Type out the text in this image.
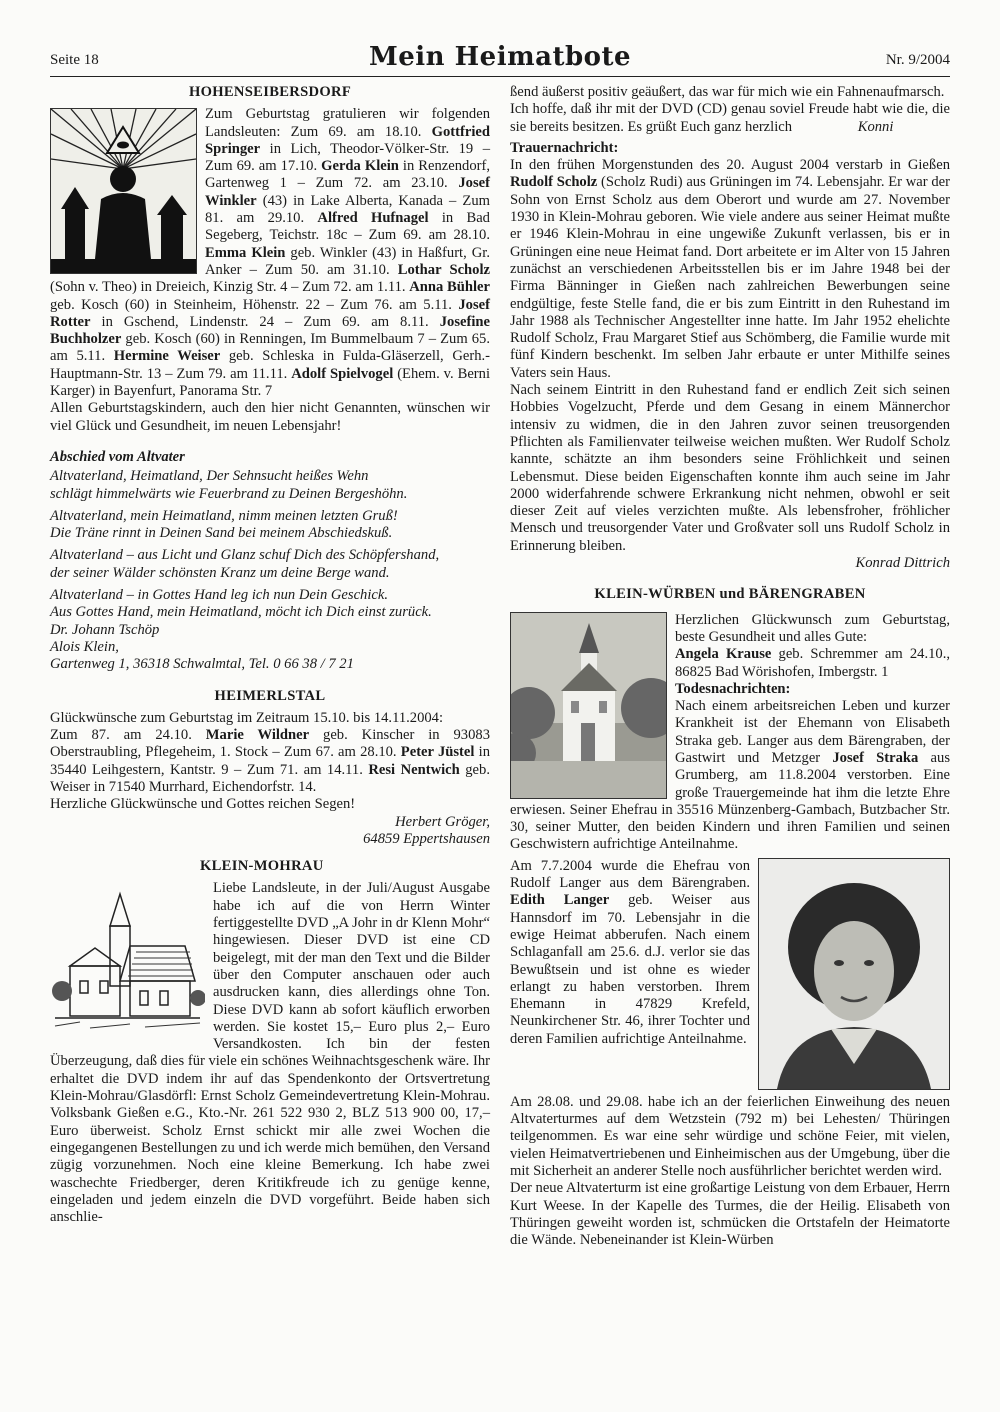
Seite 18	Mein Heimatbote	Nr. 9/2004
HOHENSEIBERSDORF

Zum Geburtstag gratulieren wir folgenden Landsleuten: Zum 69. am 18.10. Gottfried Springer in Lich, Theodor-Völker-Str. 19 – Zum 69. am 17.10. Gerda Klein in Renzendorf, Gartenweg 1 – Zum 72. am 23.10. Josef Winkler (43) in Lake Alberta, Kanada – Zum 81. am 29.10. Alfred Hufnagel in Bad Segeberg, Teichstr. 18c – Zum 69. am 28.10. Emma Klein geb. Winkler (43) in Haßfurt, Gr. Anker – Zum 50. am 31.10. Lothar Scholz (Sohn v. Theo) in Dreieich, Kinzig Str. 4 – Zum 72. am 1.11. Anna Bühler geb. Kosch (60) in Steinheim, Höhenstr. 22 – Zum 76. am 5.11. Josef Rotter in Gschend, Lindenstr. 24 – Zum 69. am 8.11. Josefine Buchholzer geb. Kosch (60) in Renningen, Im Bummelbaum 7 – Zum 65. am 5.11. Hermine Weiser geb. Schleska in Fulda-Gläserzell, Gerh.-Hauptmann-Str. 13 – Zum 79. am 11.11. Adolf Spielvogel (Ehem. v. Berni Karger) in Bayenfurt, Panorama Str. 7

Allen Geburtstagskindern, auch den hier nicht Genannten, wünschen wir viel Glück und Gesundheit, im neuen Lebensjahr!

Abschied vom Altvater

Altvaterland, Heimatland, Der Sehnsucht heißes Wehn
schlägt himmelwärts wie Feuerbrand zu Deinen Bergeshöhn.

Altvaterland, mein Heimatland, nimm meinen letzten Gruß!
Die Träne rinnt in Deinen Sand bei meinem Abschiedskuß.

Altvaterland – aus Licht und Glanz schuf Dich des Schöpfershand,
der seiner Wälder schönsten Kranz um deine Berge wand.

Altvaterland – in Gottes Hand leg ich nun Dein Geschick.
Aus Gottes Hand, mein Heimatland, möcht ich Dich einst zurück.

Dr. Johann Tschöp

Alois Klein,

Gartenweg 1, 36318 Schwalmtal, Tel. 0 66 38 / 7 21

HEIMERLSTAL

Glückwünsche zum Geburtstag im Zeitraum 15.10. bis 14.11.2004:
Zum 87. am 24.10. Marie Wildner geb. Kinscher in 93083 Oberstraubling, Pflegeheim, 1. Stock – Zum 67. am 28.10. Peter Jüstel in 35440 Leihgestern, Kantstr. 9 – Zum 71. am 14.11. Resi Nentwich geb. Weiser in 71540 Murrhard, Eichendorfstr. 14.
Herzliche Glückwünsche und Gottes reichen Segen!

Herbert Gröger,

64859 Eppertshausen

KLEIN-MOHRAU

Liebe Landsleute, in der Juli/August Ausgabe habe ich auf die von Herrn Winter fertiggestellte DVD „A Johr in dr Klenn Mohr“ hingewiesen. Dieser DVD ist eine CD beigelegt, mit der man den Text und die Bilder über den Computer anschauen oder auch ausdrucken kann, dies allerdings ohne Ton. Diese DVD kann ab sofort käuflich erworben werden. Sie kostet 15,– Euro plus 2,– Euro Versandkosten. Ich bin der festen Überzeugung, daß dies für viele ein schönes Weihnachtsgeschenk wäre. Ihr erhaltet die DVD indem ihr auf das Spendenkonto der Ortsvertretung Klein-Mohrau/Glasdörfl: Ernst Scholz Gemeindevertretung Klein-Mohrau. Volksbank Gießen e.G., Kto.-Nr. 261 522 930 2, BLZ 513 900 00, 17,– Euro überweist. Scholz Ernst schickt mir alle zwei Wochen die eingegangenen Bestellungen zu und ich werde mich bemühen, den Versand zügig vorzunehmen. Noch eine kleine Bemerkung. Ich habe zwei waschechte Friedberger, deren Kritikfreude ich zu genüge kenne, eingeladen und jedem einzeln die DVD vorgeführt. Beide haben sich anschlie-

ßend äußerst positiv geäußert, das war für mich wie ein Fahnenaufmarsch.

Ich hoffe, daß ihr mit der DVD (CD) genau soviel Freude habt wie die, die sie bereits besitzen. Es grüßt Euch ganz herzlich	Konni

Trauernachricht:

In den frühen Morgenstunden des 20. August 2004 verstarb in Gießen Rudolf Scholz (Scholz Rudi) aus Grüningen im 74. Lebensjahr. Er war der Sohn von Ernst Scholz aus dem Oberort und wurde am 27. November 1930 in Klein-Mohrau geboren. Wie viele andere aus seiner Heimat mußte er 1946 Klein-Mohrau in eine ungewiße Zukunft verlassen, bis er in Grüningen eine neue Heimat fand. Dort arbeitete er im Alter von 15 Jahren zunächst an verschiedenen Arbeitsstellen bis er im Jahre 1948 bei der Firma Bänninger in Gießen nach zahlreichen Bewerbungen seine endgültige, feste Stelle fand, die er bis zum Eintritt in den Ruhestand im Jahr 1988 als Technischer Angestellter inne hatte. Im Jahr 1952 ehelichte Rudolf Scholz, Frau Margaret Stief aus Schömberg, die Familie wurde mit fünf Kindern beschenkt. Im selben Jahr erbaute er unter Mithilfe seines Vaters sein Haus.

Nach seinem Eintritt in den Ruhestand fand er endlich Zeit sich seinen Hobbies Vogelzucht, Pferde und dem Gesang in einem Männerchor intensiv zu widmen, die in den Jahren zuvor seinen treusorgenden Pflichten als Familienvater teilweise weichen mußten. Wer Rudolf Scholz kannte, schätzte an ihm besonders seine Fröhlichkeit und seinen Lebensmut. Diese beiden Eigenschaften konnte ihm auch seine im Jahr 2000 widerfahrende schwere Erkrankung nicht nehmen, obwohl er seit dieser Zeit auf vieles verzichten mußte. Als lebensfroher, fröhlicher Mensch und treusorgender Vater und Großvater soll uns Rudolf Scholz in Erinnerung bleiben.

Konrad Dittrich

KLEIN-WÜRBEN und BÄRENGRABEN

Herzlichen Glückwunsch zum Geburtstag, beste Gesundheit und alles Gute:
Angela Krause geb. Schremmer am 24.10., 86825 Bad Wörishofen, Imbergstr. 1

Todesnachrichten:

Nach einem arbeitsreichen Leben und kurzer Krankheit ist der Ehemann von Elisabeth Straka geb. Langer aus dem Bärengraben, der Gastwirt und Metzger Josef Straka aus Grumberg, am 11.8.2004 verstorben. Eine große Trauergemeinde hat ihm die letzte Ehre erwiesen. Seiner Ehefrau in 35516 Münzenberg-Gambach, Butzbacher Str. 30, seiner Mutter, den beiden Kindern und ihren Familien und seinen Geschwistern aufrichtige Anteilnahme.

Am 7.7.2004 wurde die Ehefrau von Rudolf Langer aus dem Bärengraben. Edith Langer geb. Weiser aus Hannsdorf im 70. Lebensjahr in die ewige Heimat abberufen. Nach einem Schlaganfall am 25.6. d.J. verlor sie das Bewußtsein und ist ohne es wieder erlangt zu haben verstorben. Ihrem Ehemann in 47829 Krefeld, Neunkirchener Str. 46, ihrer Tochter und deren Familien aufrichtige Anteilnahme.

Am 28.08. und 29.08. habe ich an der feierlichen Einweihung des neuen Altvaterturmes auf dem Wetzstein (792 m) bei Lehesten/ Thüringen teilgenommen. Es war eine sehr würdige und schöne Feier, mit vielen, vielen Heimatvertriebenen und Einheimischen aus der Umgebung, über die mit Sicherheit an anderer Stelle noch ausführlicher berichtet werden wird.

Der neue Altvaterturm ist eine großartige Leistung von dem Erbauer, Herrn Kurt Weese. In der Kapelle des Turmes, die der Heilig. Elisabeth von Thüringen geweiht worden ist, schmücken die Ortstafeln der Heimatorte die Wände. Nebeneinander ist Klein-Würben
